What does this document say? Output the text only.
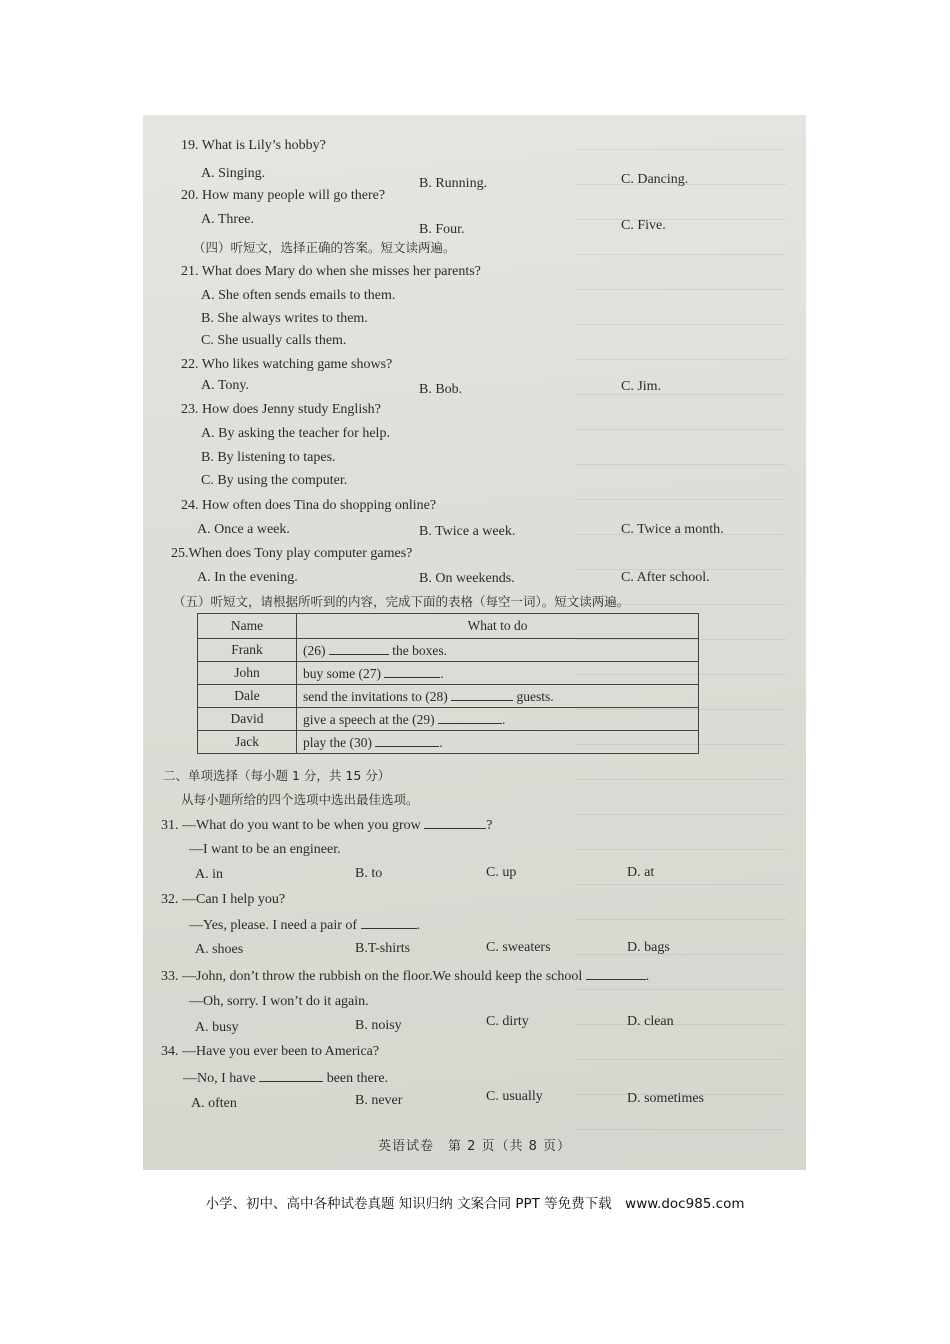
19. What is Lily’s hobby?
A. Singing.
B. Running.	C. Dancing.
20. How many people will go there?
A. Three.
B. Four.	C. Five.
（四）听短文，选择正确的答案。短文读两遍。
21. What does Mary do when she misses her parents?
A. She often sends emails to them.
B. She always writes to them.
C. She usually calls them.
22. Who likes watching game shows?
A. Tony.	B. Bob.	C. Jim.
23. How does Jenny study English?
A. By asking the teacher for help.
B. By listening to tapes.
C. By using the computer.
24. How often does Tina do shopping online?
A. Once a week.	B. Twice a week.	C. Twice a month.
25.When does Tony play computer games?
A. In the evening.	B. On weekends.	C. After school.
（五）听短文，请根据所听到的内容，完成下面的表格（每空一词）。短文读两遍。
Name	What to do
Frank	(26) the boxes.
John	buy some (27) .
Dale	send the invitations to (28) guests.
David	give a speech at the (29) .
Jack	play the (30) .
二、单项选择（每小题 1 分，共 15 分）
从每小题所给的四个选项中选出最佳选项。
31. —What do you want to be when you grow	?
—I want to be an engineer.
A. in	B. to	C. up	D. at
32. —Can I help you?
—Yes, please. I need a pair of	.
A. shoes	B.T-shirts	C. sweaters	D. bags
33. —John, don’t throw the rubbish on the floor.We should keep the school	.
—Oh, sorry. I won’t do it again.
A. busy	B. noisy	C. dirty	D. clean
34. —Have you ever been to America?
—No, I have	been there.
A. often	B. never	C. usually	D. sometimes
英语试卷　第 2 页（共 8 页）
小学、初中、高中各种试卷真题 知识归纳 文案合同 PPT 等免费下载　www.doc985.com
